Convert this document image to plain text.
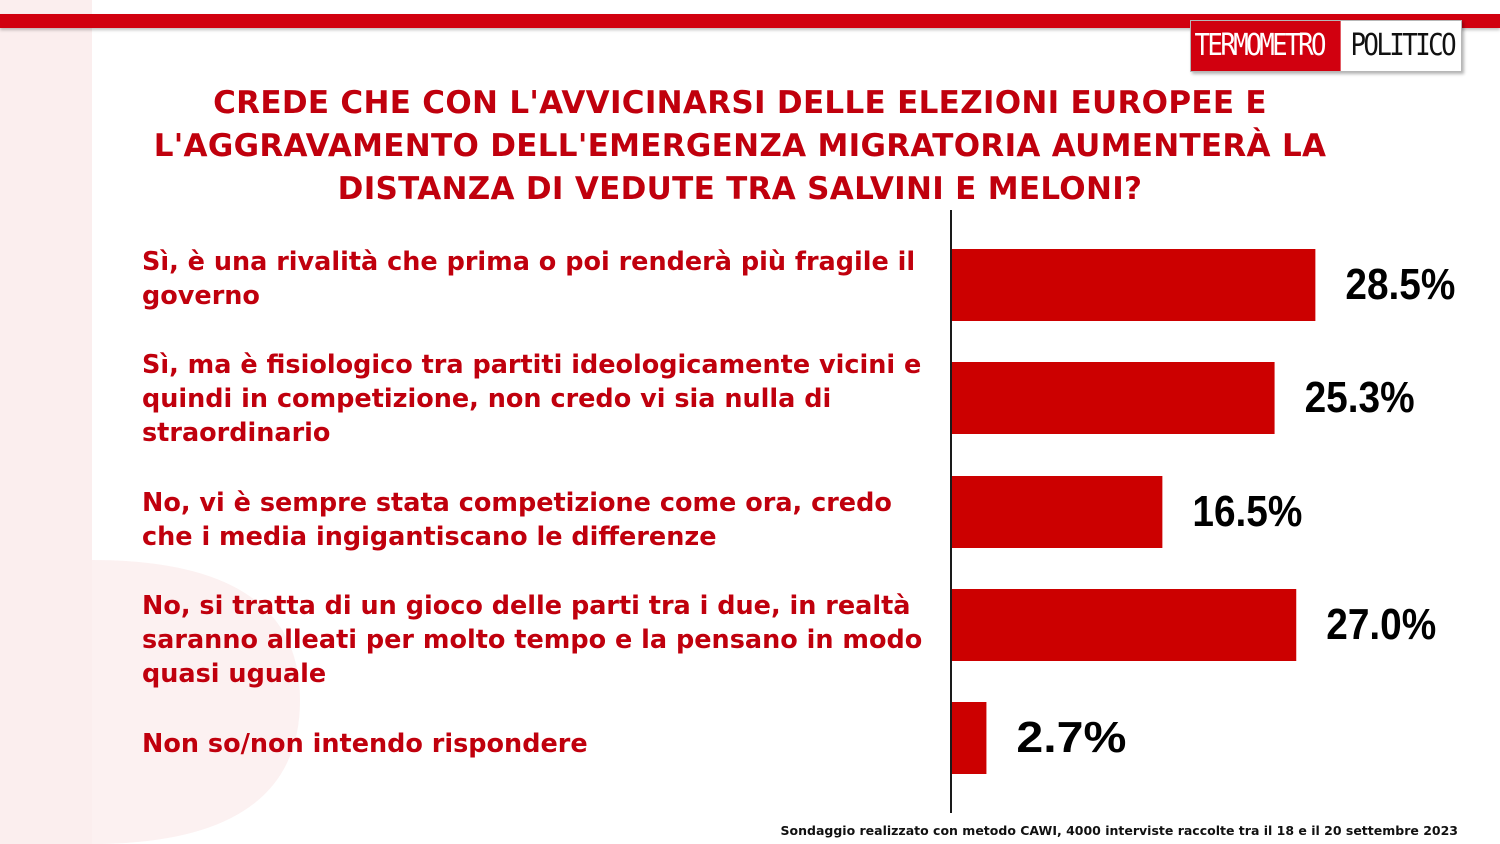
TERMOMETRO POLITICO
CREDE CHE CON L'AVVICINARSI DELLE ELEZIONI EUROPEE E L'AGGRAVAMENTO DELL'EMERGENZA MIGRATORIA AUMENTERÀ LA DISTANZA DI VEDUTE TRA SALVINI E MELONI?
Sì, è una rivalità che prima o poi renderà più fragile il governo
Sì, ma è fisiologico tra partiti ideologicamente vicini e quindi in competizione, non credo vi sia nulla di straordinario
No, vi è sempre stata competizione come ora, credo che i media ingigantiscano le differenze
No, si tratta di un gioco delle parti tra i due, in realtà saranno alleati per molto tempo e la pensano in modo quasi uguale
Non so/non intendo rispondere
28.5%
25.3%
16.5%
27.0%
2.7%
Sondaggio realizzato con metodo CAWI, 4000 interviste raccolte tra il 18 e il 20 settembre 2023
